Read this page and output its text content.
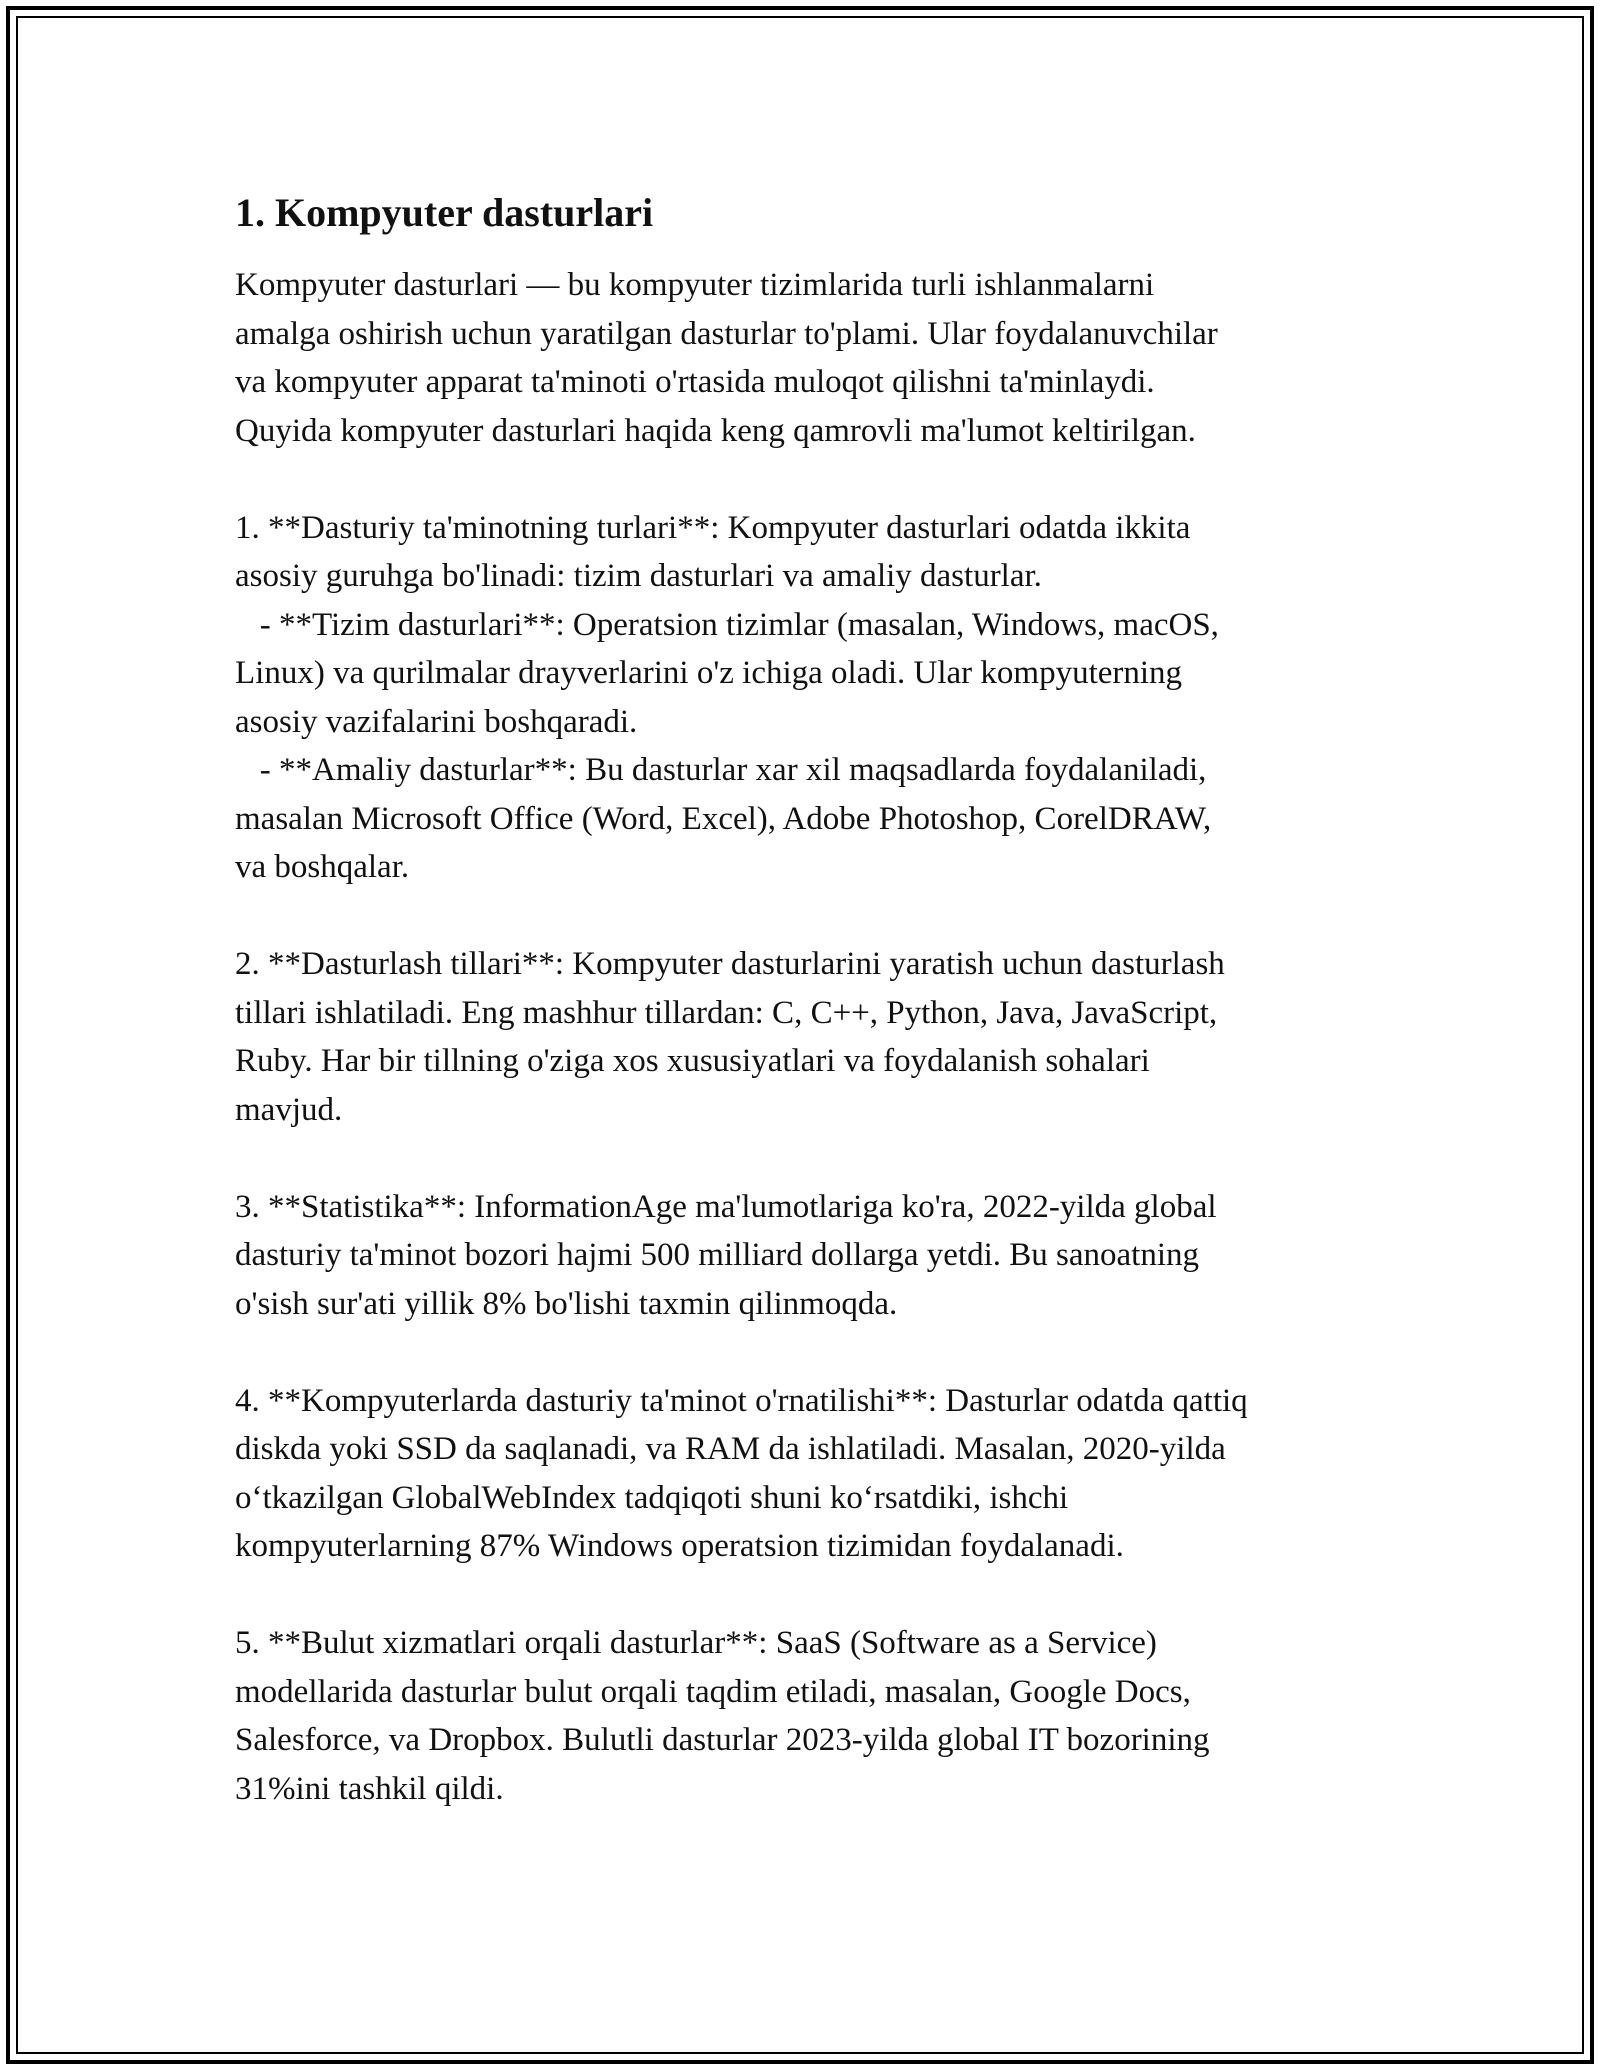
1. Kompyuter dasturlari

Kompyuter dasturlari — bu kompyuter tizimlarida turli ishlanmalarni
amalga oshirish uchun yaratilgan dasturlar to'plami. Ular foydalanuvchilar
va kompyuter apparat ta'minoti o'rtasida muloqot qilishni ta'minlaydi.
Quyida kompyuter dasturlari haqida keng qamrovli ma'lumot keltirilgan.

1. **Dasturiy ta'minotning turlari**: Kompyuter dasturlari odatda ikkita
asosiy guruhga bo'linadi: tizim dasturlari va amaliy dasturlar.
- **Tizim dasturlari**: Operatsion tizimlar (masalan, Windows, macOS,
Linux) va qurilmalar drayverlarini o'z ichiga oladi. Ular kompyuterning
asosiy vazifalarini boshqaradi.
- **Amaliy dasturlar**: Bu dasturlar xar xil maqsadlarda foydalaniladi,
masalan Microsoft Office (Word, Excel), Adobe Photoshop, CorelDRAW,
va boshqalar.

2. **Dasturlash tillari**: Kompyuter dasturlarini yaratish uchun dasturlash
tillari ishlatiladi. Eng mashhur tillardan: C, C++, Python, Java, JavaScript,
Ruby. Har bir tillning o'ziga xos xususiyatlari va foydalanish sohalari
mavjud.

3. **Statistika**: InformationAge ma'lumotlariga ko'ra, 2022-yilda global
dasturiy ta'minot bozori hajmi 500 milliard dollarga yetdi. Bu sanoatning
o'sish sur'ati yillik 8% bo'lishi taxmin qilinmoqda.

4. **Kompyuterlarda dasturiy ta'minot o'rnatilishi**: Dasturlar odatda qattiq
diskda yoki SSD da saqlanadi, va RAM da ishlatiladi. Masalan, 2020-yilda
o‘tkazilgan GlobalWebIndex tadqiqoti shuni ko‘rsatdiki, ishchi
kompyuterlarning 87% Windows operatsion tizimidan foydalanadi.

5. **Bulut xizmatlari orqali dasturlar**: SaaS (Software as a Service)
modellarida dasturlar bulut orqali taqdim etiladi, masalan, Google Docs,
Salesforce, va Dropbox. Bulutli dasturlar 2023-yilda global IT bozorining
31%ini tashkil qildi.
